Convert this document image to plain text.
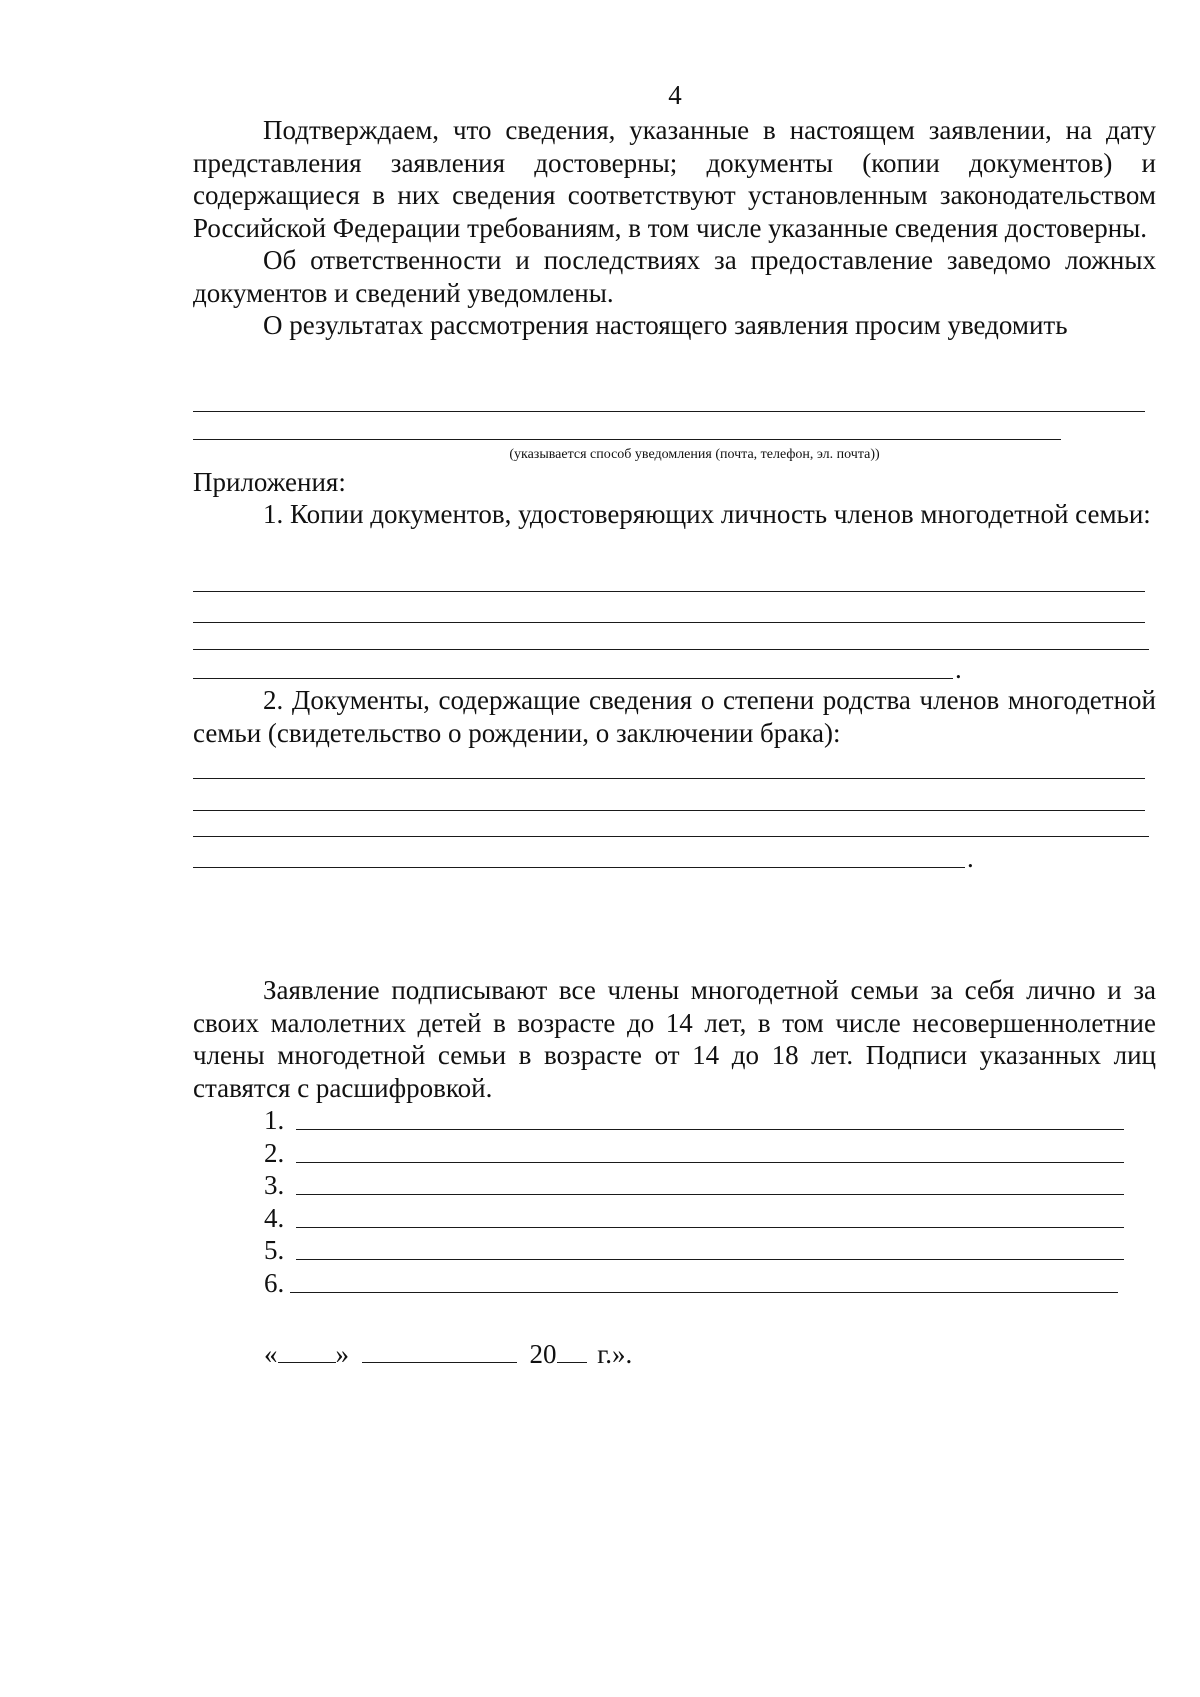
4

Подтверждаем, что сведения, указанные в настоящем заявлении, на дату представления заявления достоверны; документы (копии документов) и содержащиеся в них сведения соответствуют установленным законодательством Российской Федерации требованиям, в том числе указанные сведения достоверны.

Об ответственности и последствиях за предоставление заведомо ложных документов и сведений уведомлены.

О результатах рассмотрения настоящего заявления просим уведомить

(указывается способ уведомления (почта, телефон, эл. почта))
Приложения:

1. Копии документов, удостоверяющих личность членов многодетной семьи:

.

2. Документы, содержащие сведения о степени родства членов многодетной семьи (свидетельство о рождении, о заключении брака):

.

Заявление подписывают все члены многодетной семьи за себя лично и за своих малолетних детей в возрасте до 14 лет, в том числе несовершеннолетние члены многодетной семьи в возрасте от 14 до 18 лет. Подписи указанных лиц ставятся с расшифровкой.

1.
2.
3.
4.
5.
6.
« »	20 г.».
